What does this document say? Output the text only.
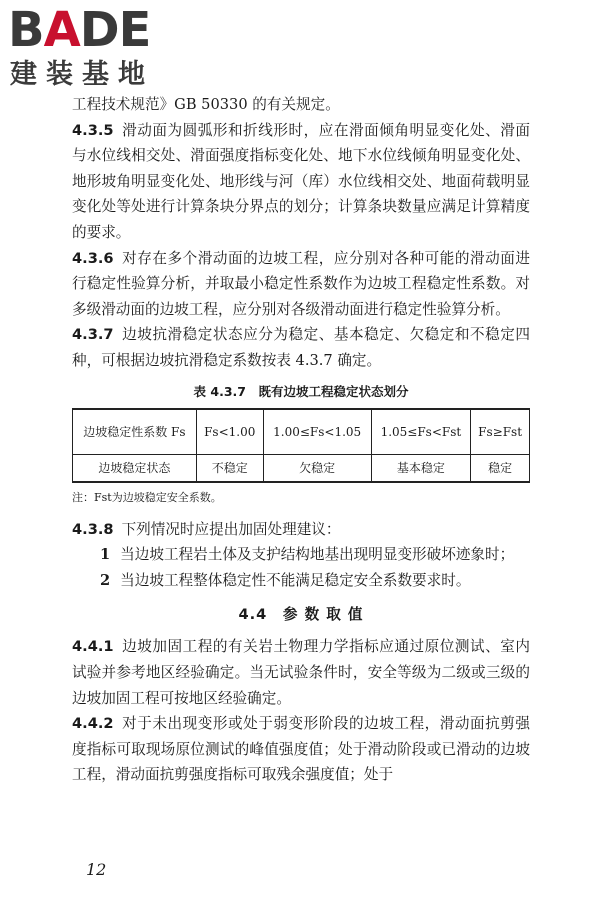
BADE
建装基地

工程技术规范》GB 50330 的有关规定。

4.3.5 滑动面为圆弧形和折线形时，应在滑面倾角明显变化处、滑面与水位线相交处、滑面强度指标变化处、地下水位线倾角明显变化处、地形坡角明显变化处、地形线与河（库）水位线相交处、地面荷载明显变化处等处进行计算条块分界点的划分；计算条块数量应满足计算精度的要求。

4.3.6 对存在多个滑动面的边坡工程，应分别对各种可能的滑动面进行稳定性验算分析，并取最小稳定性系数作为边坡工程稳定性系数。对多级滑动面的边坡工程，应分别对各级滑动面进行稳定性验算分析。

4.3.7 边坡抗滑稳定状态应分为稳定、基本稳定、欠稳定和不稳定四种，可根据边坡抗滑稳定系数按表 4.3.7 确定。

表 4.3.7　既有边坡工程稳定状态划分
边坡稳定性系数 Fs	Fs<1.00	1.00≤Fs<1.05	1.05≤Fs<Fst	Fs≥Fst
边坡稳定状态	不稳定	欠稳定	基本稳定	稳定
注：Fst为边坡稳定安全系数。

4.3.8 下列情况时应提出加固处理建议：

1 当边坡工程岩土体及支护结构地基出现明显变形破坏迹象时；

2 当边坡工程整体稳定性不能满足稳定安全系数要求时。

4.4　参 数 取 值

4.4.1 边坡加固工程的有关岩土物理力学指标应通过原位测试、室内试验并参考地区经验确定。当无试验条件时，安全等级为二级或三级的边坡加固工程可按地区经验确定。

4.4.2 对于未出现变形或处于弱变形阶段的边坡工程，滑动面抗剪强度指标可取现场原位测试的峰值强度值；处于滑动阶段或已滑动的边坡工程，滑动面抗剪强度指标可取残余强度值；处于

12
